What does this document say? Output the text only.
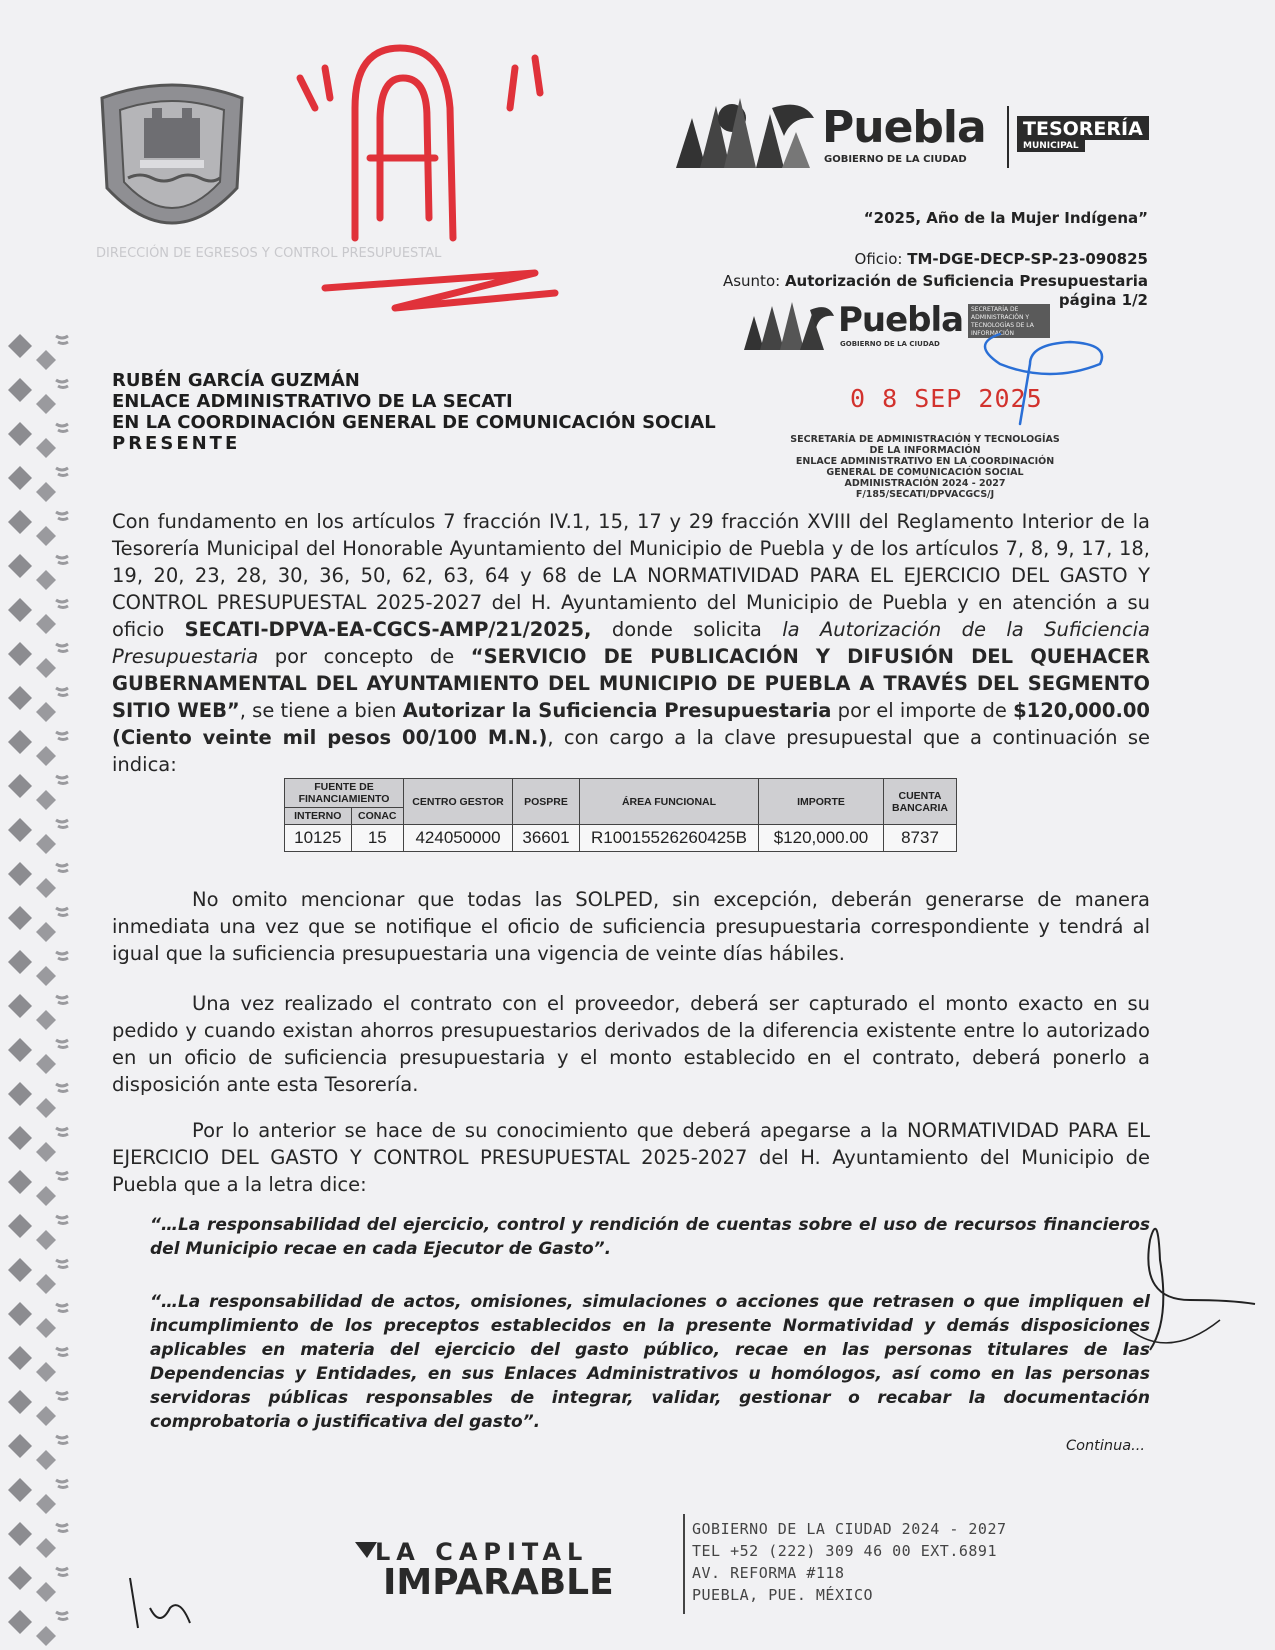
DIRECCIÓN DE EGRESOS Y CONTROL PRESUPUESTAL
Puebla
GOBIERNO DE LA CIUDAD
TESORERÍA
MUNICIPAL
“2025, Año de la Mujer Indígena”
Oficio: TM-DGE-DECP-SP-23-090825
Asunto: Autorización de Suficiencia Presupuestaria
página 1/2
Puebla
GOBIERNO DE LA CIUDAD
SECRETARÍA DE ADMINISTRACIÓN Y TECNOLOGÍAS DE LA INFORMACIÓN
0 8 SEP 2025
SECRETARÍA DE ADMINISTRACIÓN Y TECNOLOGÍAS
DE LA INFORMACIÓN
ENLACE ADMINISTRATIVO EN LA COORDINACIÓN
GENERAL DE COMUNICACIÓN SOCIAL
ADMINISTRACIÓN 2024 - 2027
F/185/SECATI/DPVACGCS/J
RUBÉN GARCÍA GUZMÁN
ENLACE ADMINISTRATIVO DE LA SECATI
EN LA COORDINACIÓN GENERAL DE COMUNICACIÓN SOCIAL
PRESENTE
Con fundamento en los artículos 7 fracción IV.1, 15, 17 y 29 fracción XVIII del Reglamento Interior de la Tesorería Municipal del Honorable Ayuntamiento del Municipio de Puebla y de los artículos 7, 8, 9, 17, 18, 19, 20, 23, 28, 30, 36, 50, 62, 63, 64 y 68 de LA NORMATIVIDAD PARA EL EJERCICIO DEL GASTO Y CONTROL PRESUPUESTAL 2025-2027 del H. Ayuntamiento del Municipio de Puebla y en atención a su oficio SECATI-DPVA-EA-CGCS-AMP/21/2025, donde solicita la Autorización de la Suficiencia Presupuestaria por concepto de “SERVICIO DE PUBLICACIÓN Y DIFUSIÓN DEL QUEHACER GUBERNAMENTAL DEL AYUNTAMIENTO DEL MUNICIPIO DE PUEBLA A TRAVÉS DEL SEGMENTO SITIO WEB”, se tiene a bien Autorizar la Suficiencia Presupuestaria por el importe de $120,000.00 (Ciento veinte mil pesos 00/100 M.N.), con cargo a la clave presupuestal que a continuación se indica:
FUENTE DE FINANCIAMIENTO		CENTRO GESTOR	POSPRE	ÁREA FUNCIONAL	IMPORTE	CUENTA BANCARIA
INTERNO	CONAC					
10125	15	424050000	36601	R10015526260425B	$120,000.00	8737
No omito mencionar que todas las SOLPED, sin excepción, deberán generarse de manera inmediata una vez que se notifique el oficio de suficiencia presupuestaria correspondiente y tendrá al igual que la suficiencia presupuestaria una vigencia de veinte días hábiles.
Una vez realizado el contrato con el proveedor, deberá ser capturado el monto exacto en su pedido y cuando existan ahorros presupuestarios derivados de la diferencia existente entre lo autorizado en un oficio de suficiencia presupuestaria y el monto establecido en el contrato, deberá ponerlo a disposición ante esta Tesorería.
Por lo anterior se hace de su conocimiento que deberá apegarse a la NORMATIVIDAD PARA EL EJERCICIO DEL GASTO Y CONTROL PRESUPUESTAL 2025-2027 del H. Ayuntamiento del Municipio de Puebla que a la letra dice:
“…La responsabilidad del ejercicio, control y rendición de cuentas sobre el uso de recursos financieros del Municipio recae en cada Ejecutor de Gasto”.
“…La responsabilidad de actos, omisiones, simulaciones o acciones que retrasen o que impliquen el incumplimiento de los preceptos establecidos en la presente Normatividad y demás disposiciones aplicables en materia del ejercicio del gasto público, recae en las personas titulares de las Dependencias y Entidades, en sus Enlaces Administrativos u homólogos, así como en las personas servidoras públicas responsables de integrar, validar, gestionar o recabar la documentación comprobatoria o justificativa del gasto”.
Continua...
LA CAPITAL
IMPARABLE
GOBIERNO DE LA CIUDAD 2024 - 2027
TEL +52 (222) 309 46 00 EXT.6891
AV. REFORMA #118
PUEBLA, PUE. MÉXICO
